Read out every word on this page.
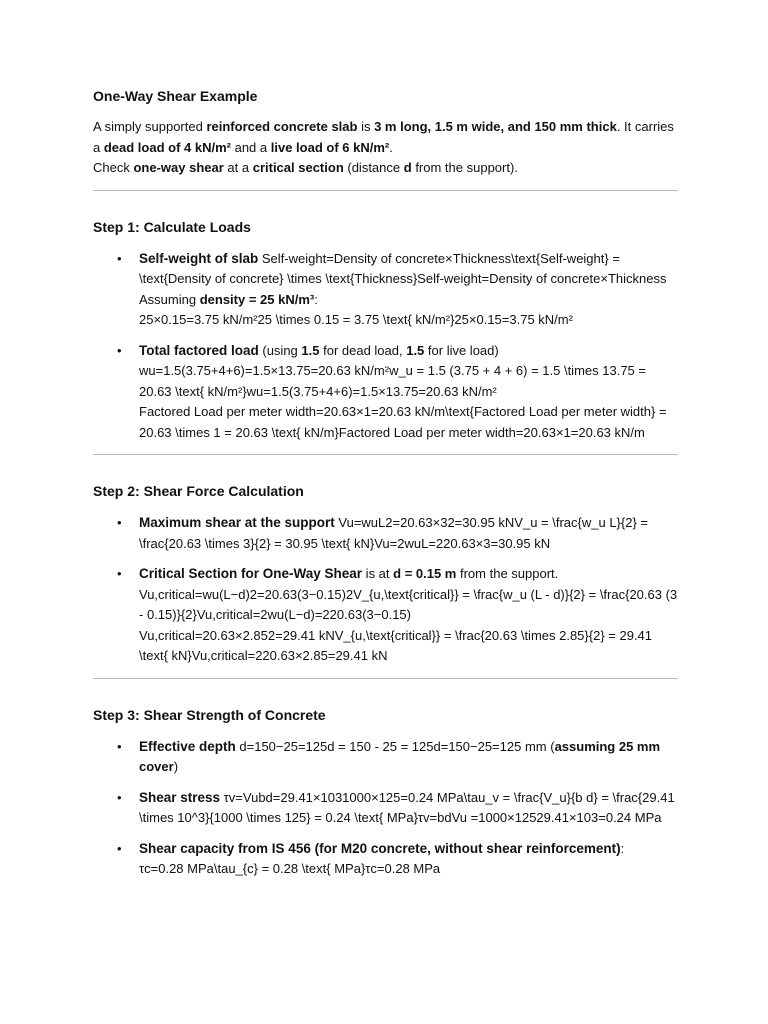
One-Way Shear Example

A simply supported reinforced concrete slab is 3 m long, 1.5 m wide, and 150 mm thick. It carries a dead load of 4 kN/m² and a live load of 6 kN/m².
Check one-way shear at a critical section (distance d from the support).

Step 1: Calculate Loads
• Self-weight of slab Self-weight=Density of concrete×Thickness\text{Self-weight} = \text{Density of concrete} \times \text{Thickness}Self-weight=Density of concrete×Thickness Assuming density = 25 kN/m³:
25×0.15=3.75 kN/m²25 \times 0.15 = 3.75 \text{ kN/m²}25×0.15=3.75 kN/m²
• Total factored load (using 1.5 for dead load, 1.5 for live load)
wu=1.5(3.75+4+6)=1.5×13.75=20.63 kN/m²w_u = 1.5 (3.75 + 4 + 6) = 1.5 \times 13.75 = 20.63 \text{ kN/m²}wu=1.5(3.75+4+6)=1.5×13.75=20.63 kN/m²
Factored Load per meter width=20.63×1=20.63 kN/m\text{Factored Load per meter width} = 20.63 \times 1 = 20.63 \text{ kN/m}Factored Load per meter width=20.63×1=20.63 kN/m
Step 2: Shear Force Calculation
• Maximum shear at the support Vu=wuL2=20.63×32=30.95 kNV_u = \frac{w_u L}{2} = \frac{20.63 \times 3}{2} = 30.95 \text{ kN}Vu=2wuL=220.63×3=30.95 kN
• Critical Section for One-Way Shear is at d = 0.15 m from the support.
Vu,critical=wu(L−d)2=20.63(3−0.15)2V_{u,\text{critical}} = \frac{w_u (L - d)}{2} = \frac{20.63 (3 - 0.15)}{2}Vu,critical=2wu(L−d)=220.63(3−0.15)
Vu,critical=20.63×2.852=29.41 kNV_{u,\text{critical}} = \frac{20.63 \times 2.85}{2} = 29.41 \text{ kN}Vu,critical=220.63×2.85=29.41 kN
Step 3: Shear Strength of Concrete
• Effective depth d=150−25=125d = 150 - 25 = 125d=150−25=125 mm (assuming 25 mm cover)
• Shear stress τv=Vubd=29.41×1031000×125=0.24 MPa\tau_v = \frac{V_u}{b d} = \frac{29.41 \times 10^3}{1000 \times 125} = 0.24 \text{ MPa}τv=bdVu =1000×12529.41×103=0.24 MPa
• Shear capacity from IS 456 (for M20 concrete, without shear reinforcement):
τc=0.28 MPa\tau_{c} = 0.28 \text{ MPa}τc=0.28 MPa
